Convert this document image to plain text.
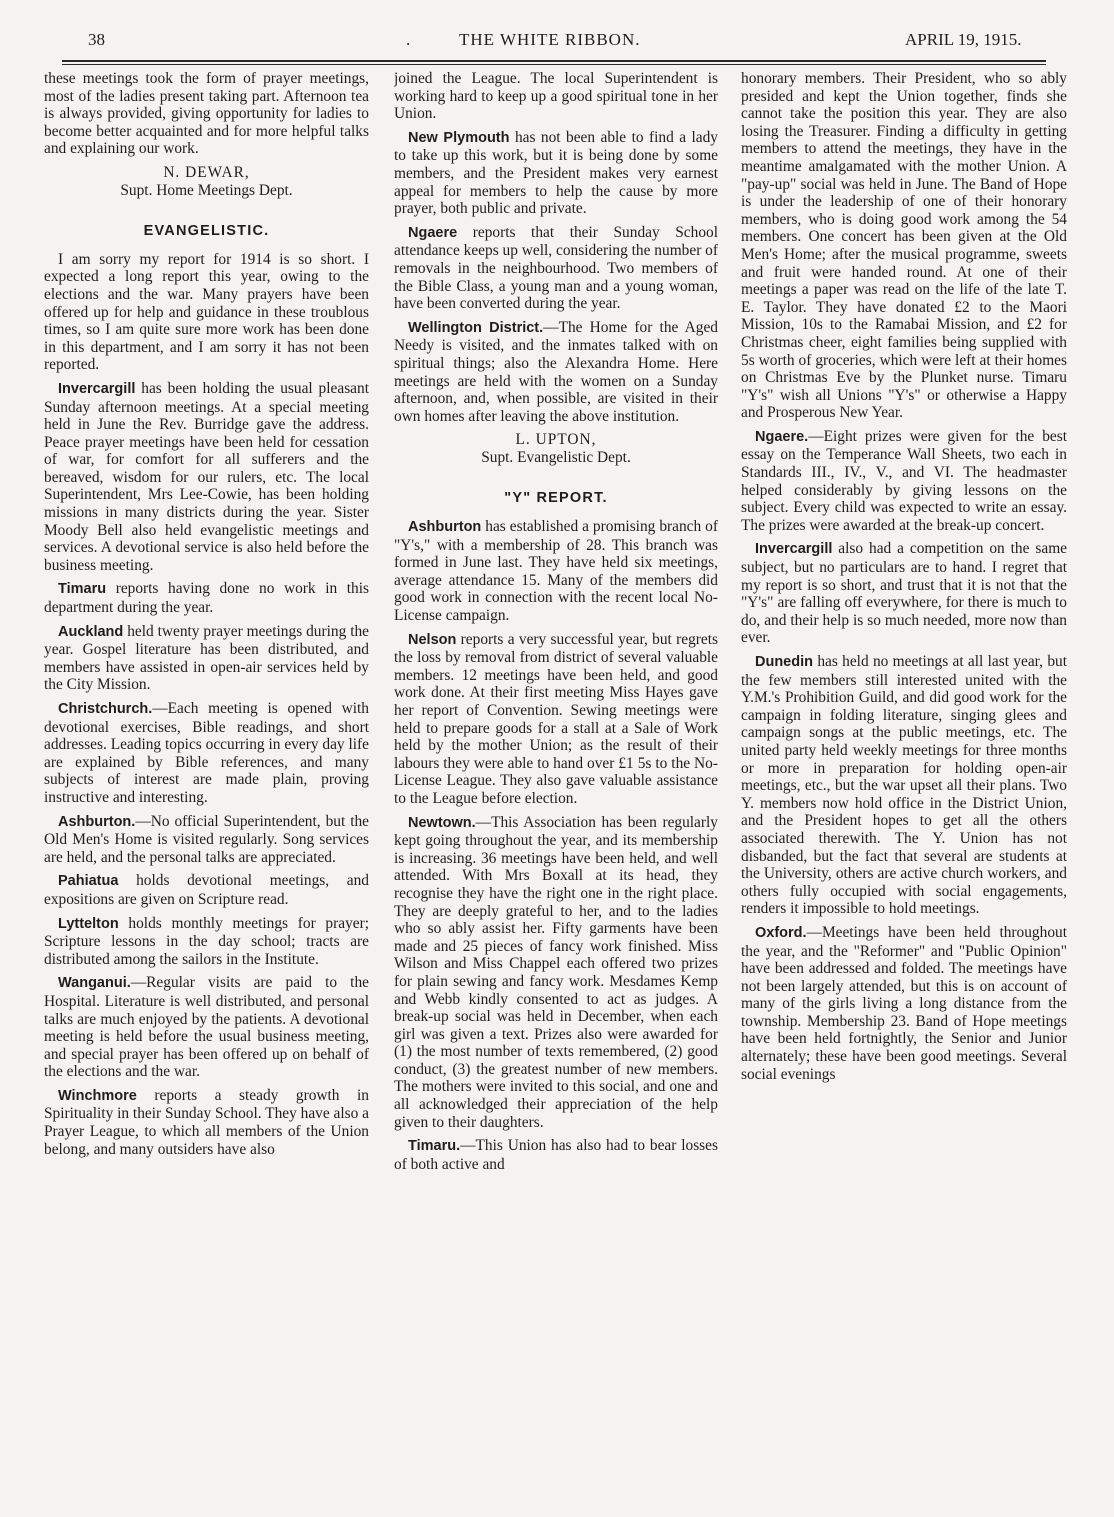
38	.	THE WHITE RIBBON.	APRIL 19, 1915.

these meetings took the form of prayer meetings, most of the ladies present taking part. Afternoon tea is always provided, giving opportunity for ladies to become better acquainted and for more helpful talks and explaining our work.

N. DEWAR,

Supt. Home Meetings Dept.

EVANGELISTIC.

I am sorry my report for 1914 is so short. I expected a long report this year, owing to the elections and the war. Many prayers have been offered up for help and guidance in these troublous times, so I am quite sure more work has been done in this department, and I am sorry it has not been reported.

Invercargill has been holding the usual pleasant Sunday afternoon meetings. At a special meeting held in June the Rev. Burridge gave the address. Peace prayer meetings have been held for cessation of war, for comfort for all sufferers and the bereaved, wisdom for our rulers, etc. The local Superintendent, Mrs Lee-Cowie, has been holding missions in many districts during the year. Sister Moody Bell also held evangelistic meetings and services. A devotional service is also held before the business meeting.

Timaru reports having done no work in this department during the year.

Auckland held twenty prayer meetings during the year. Gospel literature has been distributed, and members have assisted in open-air services held by the City Mission.

Christchurch.—Each meeting is opened with devotional exercises, Bible readings, and short addresses. Leading topics occurring in every day life are explained by Bible references, and many subjects of interest are made plain, proving instructive and interesting.

Ashburton.—No official Superintendent, but the Old Men's Home is visited regularly. Song services are held, and the personal talks are appreciated.

Pahiatua holds devotional meetings, and expositions are given on Scripture read.

Lyttelton holds monthly meetings for prayer; Scripture lessons in the day school; tracts are distributed among the sailors in the Institute.

Wanganui.—Regular visits are paid to the Hospital. Literature is well distributed, and personal talks are much enjoyed by the patients. A devotional meeting is held before the usual business meeting, and special prayer has been offered up on behalf of the elections and the war.

Winchmore reports a steady growth in Spirituality in their Sunday School. They have also a Prayer League, to which all members of the Union belong, and many outsiders have also

joined the League. The local Superintendent is working hard to keep up a good spiritual tone in her Union.

New Plymouth has not been able to find a lady to take up this work, but it is being done by some members, and the President makes very earnest appeal for members to help the cause by more prayer, both public and private.

Ngaere reports that their Sunday School attendance keeps up well, considering the number of removals in the neighbourhood. Two members of the Bible Class, a young man and a young woman, have been converted during the year.

Wellington District.—The Home for the Aged Needy is visited, and the inmates talked with on spiritual things; also the Alexandra Home. Here meetings are held with the women on a Sunday afternoon, and, when possible, are visited in their own homes after leaving the above institution.

L. UPTON,

Supt. Evangelistic Dept.

"Y" REPORT.

Ashburton has established a promising branch of "Y's," with a membership of 28. This branch was formed in June last. They have held six meetings, average attendance 15. Many of the members did good work in connection with the recent local No-License campaign.

Nelson reports a very successful year, but regrets the loss by removal from district of several valuable members. 12 meetings have been held, and good work done. At their first meeting Miss Hayes gave her report of Convention. Sewing meetings were held to prepare goods for a stall at a Sale of Work held by the mother Union; as the result of their labours they were able to hand over £1 5s to the No-License League. They also gave valuable assistance to the League before election.

Newtown.—This Association has been regularly kept going throughout the year, and its membership is increasing. 36 meetings have been held, and well attended. With Mrs Boxall at its head, they recognise they have the right one in the right place. They are deeply grateful to her, and to the ladies who so ably assist her. Fifty garments have been made and 25 pieces of fancy work finished. Miss Wilson and Miss Chappel each offered two prizes for plain sewing and fancy work. Mesdames Kemp and Webb kindly consented to act as judges. A break-up social was held in December, when each girl was given a text. Prizes also were awarded for (1) the most number of texts remembered, (2) good conduct, (3) the greatest number of new members. The mothers were invited to this social, and one and all acknowledged their appreciation of the help given to their daughters.

Timaru.—This Union has also had to bear losses of both active and

honorary members. Their President, who so ably presided and kept the Union together, finds she cannot take the position this year. They are also losing the Treasurer. Finding a difficulty in getting members to attend the meetings, they have in the meantime amalgamated with the mother Union. A "pay-up" social was held in June. The Band of Hope is under the leadership of one of their honorary members, who is doing good work among the 54 members. One concert has been given at the Old Men's Home; after the musical programme, sweets and fruit were handed round. At one of their meetings a paper was read on the life of the late T. E. Taylor. They have donated £2 to the Maori Mission, 10s to the Ramabai Mission, and £2 for Christmas cheer, eight families being supplied with 5s worth of groceries, which were left at their homes on Christmas Eve by the Plunket nurse. Timaru "Y's" wish all Unions "Y's" or otherwise a Happy and Prosperous New Year.

Ngaere.—Eight prizes were given for the best essay on the Temperance Wall Sheets, two each in Standards III., IV., V., and VI. The headmaster helped considerably by giving lessons on the subject. Every child was expected to write an essay. The prizes were awarded at the break-up concert.

Invercargill also had a competition on the same subject, but no particulars are to hand. I regret that my report is so short, and trust that it is not that the "Y's" are falling off everywhere, for there is much to do, and their help is so much needed, more now than ever.

Dunedin has held no meetings at all last year, but the few members still interested united with the Y.M.'s Prohibition Guild, and did good work for the campaign in folding literature, singing glees and campaign songs at the public meetings, etc. The united party held weekly meetings for three months or more in preparation for holding open-air meetings, etc., but the war upset all their plans. Two Y. members now hold office in the District Union, and the President hopes to get all the others associated therewith. The Y. Union has not disbanded, but the fact that several are students at the University, others are active church workers, and others fully occupied with social engagements, renders it impossible to hold meetings.

Oxford.—Meetings have been held throughout the year, and the "Reformer" and "Public Opinion" have been addressed and folded. The meetings have not been largely attended, but this is on account of many of the girls living a long distance from the township. Membership 23. Band of Hope meetings have been held fortnightly, the Senior and Junior alternately; these have been good meetings. Several social evenings
